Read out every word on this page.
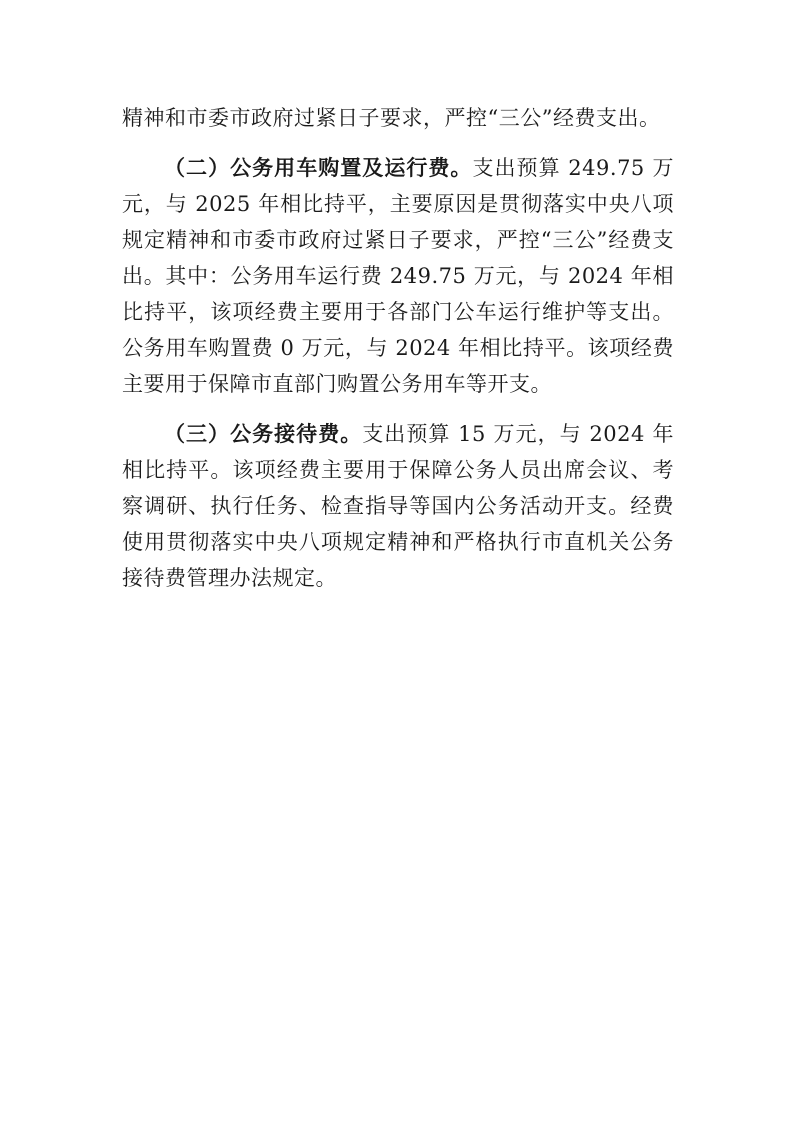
精神和市委市政府过紧日子要求，严控“三公”经费支出。

（二）公务用车购置及运行费。支出预算 249.75 万元，与 2025 年相比持平，主要原因是贯彻落实中央八项规定精神和市委市政府过紧日子要求，严控“三公”经费支出。其中：公务用车运行费 249.75 万元，与 2024 年相比持平，该项经费主要用于各部门公车运行维护等支出。公务用车购置费 0 万元，与 2024 年相比持平。该项经费主要用于保障市直部门购置公务用车等开支。

（三）公务接待费。支出预算 15 万元，与 2024 年相比持平。该项经费主要用于保障公务人员出席会议、考察调研、执行任务、检查指导等国内公务活动开支。经费使用贯彻落实中央八项规定精神和严格执行市直机关公务接待费管理办法规定。
